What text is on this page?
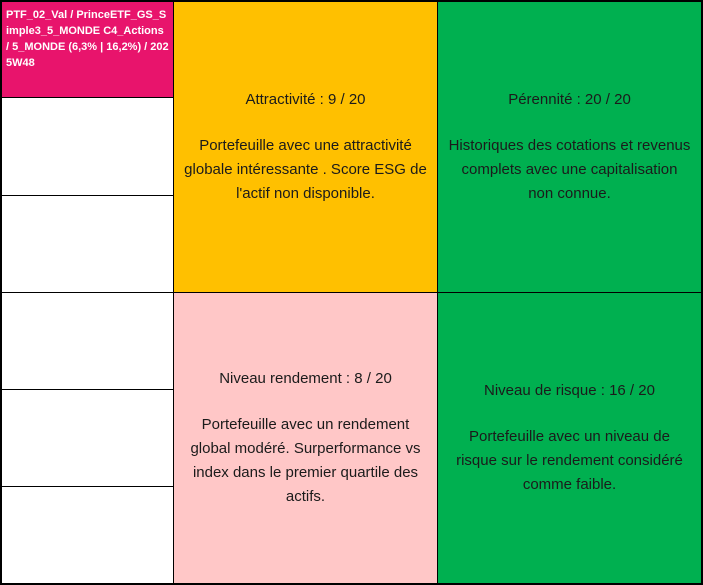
PTF_02_Val / PrinceETF_GS_Simple3_5_MONDE C4_Actions / 5_MONDE (6,3% | 16,2%) / 2025W48
Attractivité : 9 / 20
Portefeuille avec une attractivité globale intéressante . Score ESG de l'actif non disponible.
Pérennité : 20 / 20
Historiques des cotations et revenus complets avec une capitalisation non connue.
Niveau rendement : 8 / 20
Portefeuille avec un rendement global modéré. Surperformance vs index dans le premier quartile des actifs.
Niveau de risque : 16 / 20
Portefeuille avec un niveau de risque sur le rendement considéré comme faible.
